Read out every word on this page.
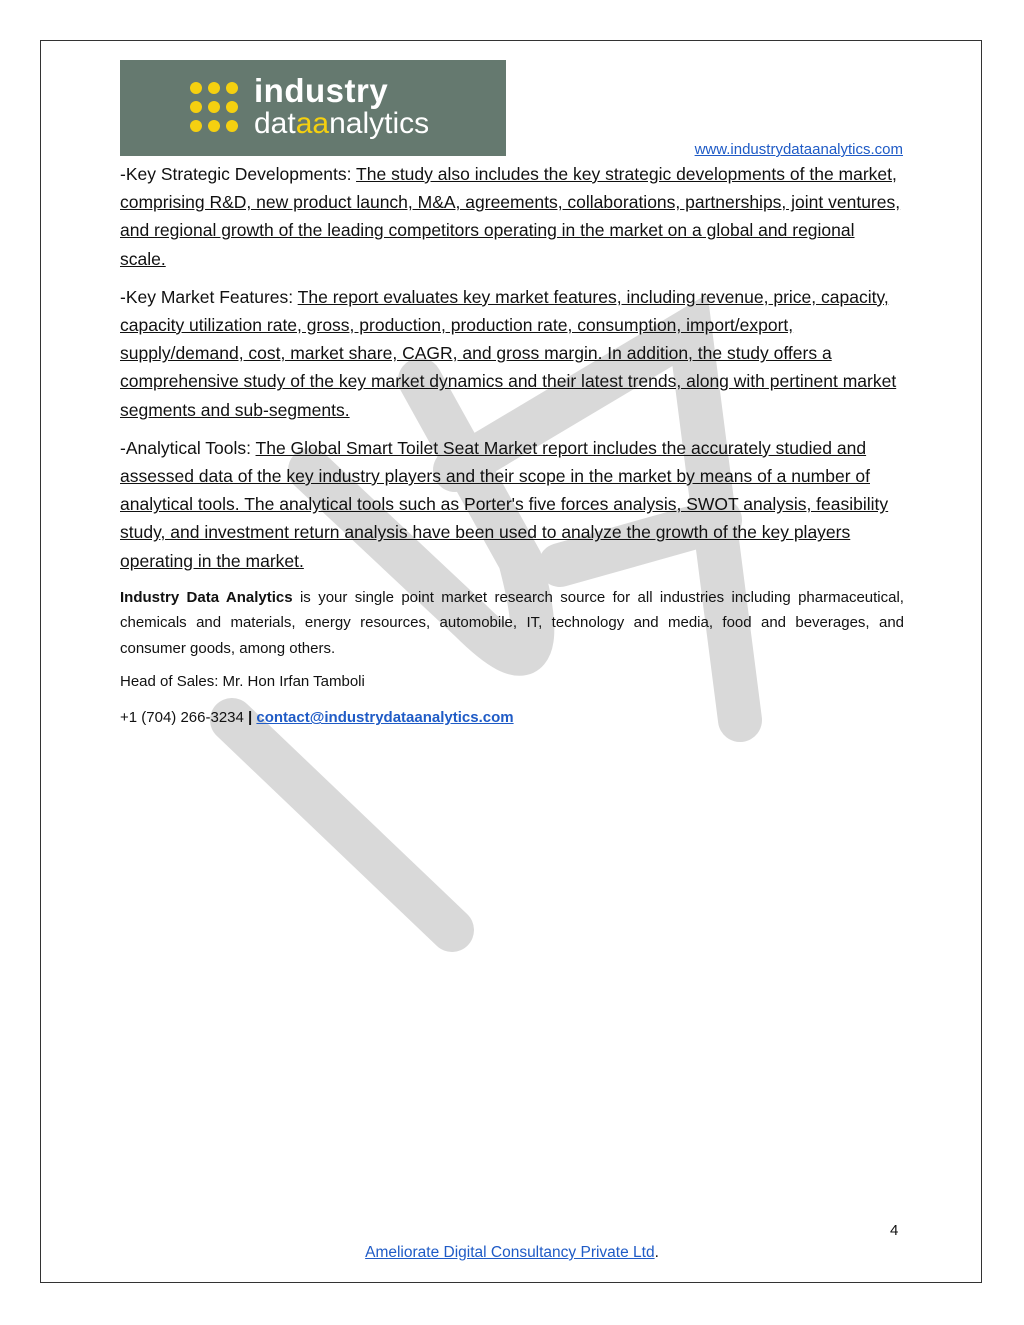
industry
dataanalytics
www.industrydataanalytics.com

-Key Strategic Developments: The study also includes the key strategic developments of the market, comprising R&D, new product launch, M&A, agreements, collaborations, partnerships, joint ventures, and regional growth of the leading competitors operating in the market on a global and regional scale.

-Key Market Features: The report evaluates key market features, including revenue, price, capacity, capacity utilization rate, gross, production, production rate, consumption, import/export, supply/demand, cost, market share, CAGR, and gross margin. In addition, the study offers a comprehensive study of the key market dynamics and their latest trends, along with pertinent market segments and sub-segments.

-Analytical Tools: The Global Smart Toilet Seat Market report includes the accurately studied and assessed data of the key industry players and their scope in the market by means of a number of analytical tools. The analytical tools such as Porter's five forces analysis, SWOT analysis, feasibility study, and investment return analysis have been used to analyze the growth of the key players operating in the market.

Industry Data Analytics is your single point market research source for all industries including pharmaceutical, chemicals and materials, energy resources, automobile, IT, technology and media, food and beverages, and consumer goods, among others.

Head of Sales: Mr. Hon Irfan Tamboli

+1 (704) 266-3234 | contact@industrydataanalytics.com

4
Ameliorate Digital Consultancy Private Ltd.
